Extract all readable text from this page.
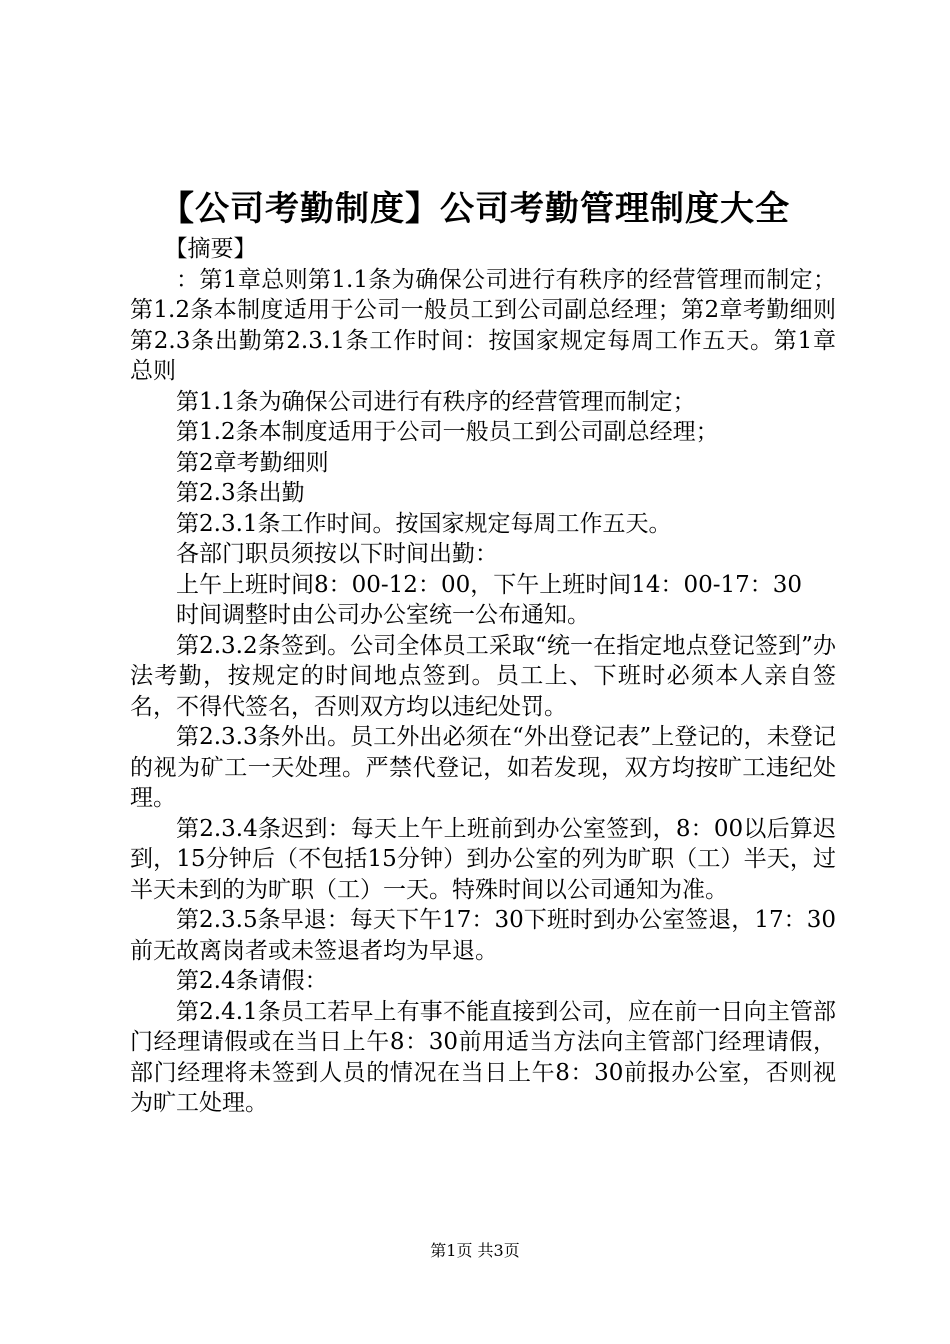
【公司考勤制度】公司考勤管理制度大全

【摘要】

：第1章总则第1.1条为确保公司进行有秩序的经营管理而制定；第1.2条本制度适用于公司一般员工到公司副总经理；第2章考勤细则第2.3条出勤第2.3.1条工作时间：按国家规定每周工作五天。第1章总则

第1.1条为确保公司进行有秩序的经营管理而制定；

第1.2条本制度适用于公司一般员工到公司副总经理；

第2章考勤细则

第2.3条出勤

第2.3.1条工作时间。按国家规定每周工作五天。

各部门职员须按以下时间出勤：

上午上班时间8：00-12：00，下午上班时间14：00-17：30

时间调整时由公司办公室统一公布通知。

第2.3.2条签到。公司全体员工采取“统一在指定地点登记签到”办法考勤，按规定的时间地点签到。员工上、下班时必须本人亲自签名，不得代签名，否则双方均以违纪处罚。

第2.3.3条外出。员工外出必须在“外出登记表”上登记的，未登记的视为矿工一天处理。严禁代登记，如若发现，双方均按旷工违纪处理。

第2.3.4条迟到：每天上午上班前到办公室签到，8：00以后算迟到，15分钟后（不包括15分钟）到办公室的列为旷职（工）半天，过半天未到的为旷职（工）一天。特殊时间以公司通知为准。

第2.3.5条早退：每天下午17：30下班时到办公室签退，17：30前无故离岗者或未签退者均为早退。

第2.4条请假：

第2.4.1条员工若早上有事不能直接到公司，应在前一日向主管部门经理请假或在当日上午8：30前用适当方法向主管部门经理请假，部门经理将未签到人员的情况在当日上午8：30前报办公室，否则视为旷工处理。

第1页 共3页
